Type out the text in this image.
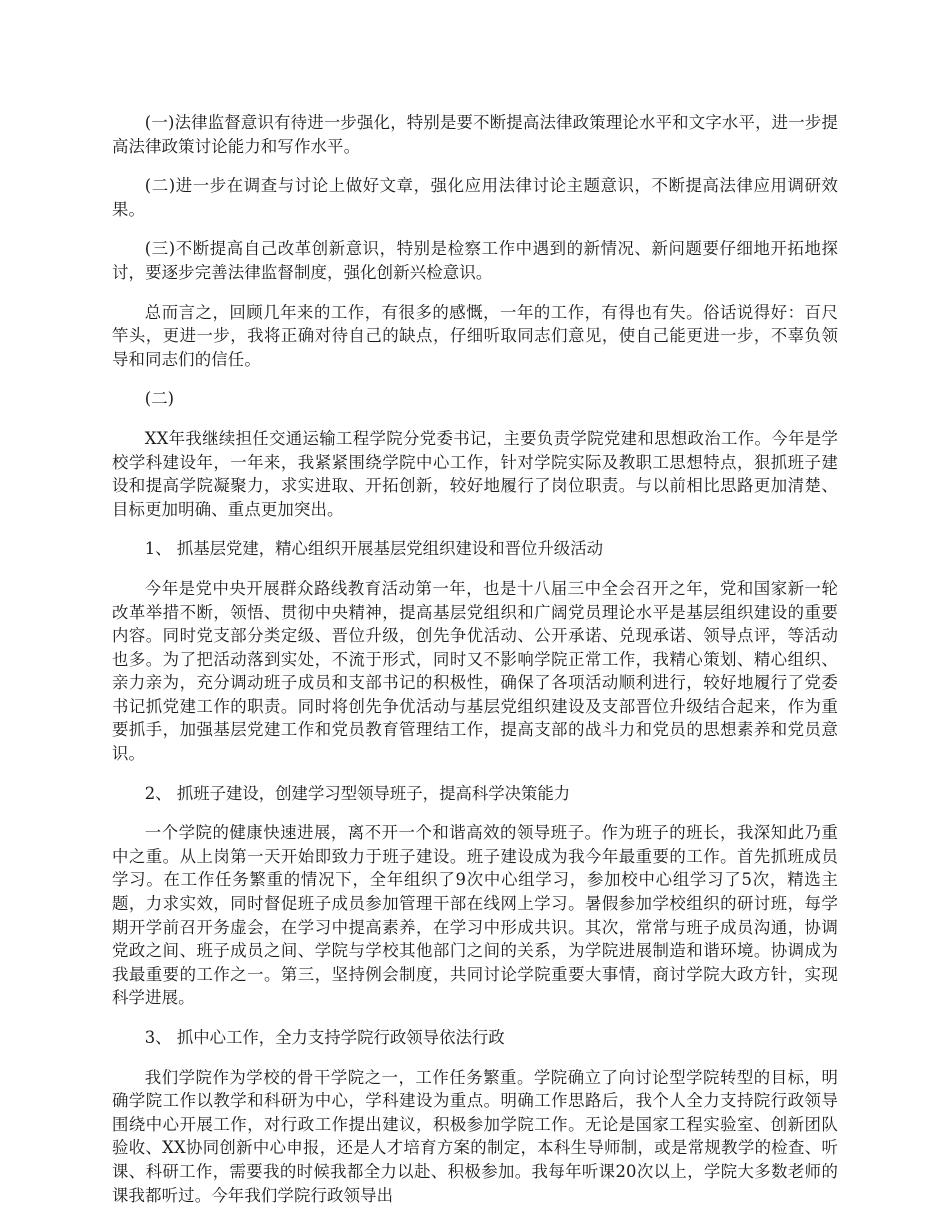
(一)法律监督意识有待进一步强化，特别是要不断提高法律政策理论水平和文字水平，进一步提高法律政策讨论能力和写作水平。

(二)进一步在调查与讨论上做好文章，强化应用法律讨论主题意识，不断提高法律应用调研效果。

(三)不断提高自己改革创新意识，特别是检察工作中遇到的新情况、新问题要仔细地开拓地探讨，要逐步完善法律监督制度，强化创新兴检意识。

总而言之，回顾几年来的工作，有很多的感慨，一年的工作，有得也有失。俗话说得好：百尺竿头，更进一步，我将正确对待自己的缺点，仔细听取同志们意见，使自己能更进一步，不辜负领导和同志们的信任。

(二)

XX年我继续担任交通运输工程学院分党委书记，主要负责学院党建和思想政治工作。今年是学校学科建设年，一年来，我紧紧围绕学院中心工作，针对学院实际及教职工思想特点，狠抓班子建设和提高学院凝聚力，求实进取、开拓创新，较好地履行了岗位职责。与以前相比思路更加清楚、目标更加明确、重点更加突出。

1、 抓基层党建，精心组织开展基层党组织建设和晋位升级活动

今年是党中央开展群众路线教育活动第一年，也是十八届三中全会召开之年，党和国家新一轮改革举措不断，领悟、贯彻中央精神，提高基层党组织和广阔党员理论水平是基层组织建设的重要内容。同时党支部分类定级、晋位升级，创先争优活动、公开承诺、兑现承诺、领导点评，等活动也多。为了把活动落到实处，不流于形式，同时又不影响学院正常工作，我精心策划、精心组织、亲力亲为，充分调动班子成员和支部书记的积极性，确保了各项活动顺利进行，较好地履行了党委书记抓党建工作的职责。同时将创先争优活动与基层党组织建设及支部晋位升级结合起来，作为重要抓手，加强基层党建工作和党员教育管理结工作，提高支部的战斗力和党员的思想素养和党员意识。

2、 抓班子建设，创建学习型领导班子，提高科学决策能力

一个学院的健康快速进展，离不开一个和谐高效的领导班子。作为班子的班长，我深知此乃重中之重。从上岗第一天开始即致力于班子建设。班子建设成为我今年最重要的工作。首先抓班成员学习。在工作任务繁重的情况下，全年组织了9次中心组学习，参加校中心组学习了5次，精选主题，力求实效，同时督促班子成员参加管理干部在线网上学习。暑假参加学校组织的研讨班，每学期开学前召开务虚会，在学习中提高素养，在学习中形成共识。其次，常常与班子成员沟通，协调党政之间、班子成员之间、学院与学校其他部门之间的关系，为学院进展制造和谐环境。协调成为我最重要的工作之一。第三，坚持例会制度，共同讨论学院重要大事情，商讨学院大政方针，实现科学进展。

3、 抓中心工作，全力支持学院行政领导依法行政

我们学院作为学校的骨干学院之一，工作任务繁重。学院确立了向讨论型学院转型的目标，明确学院工作以教学和科研为中心，学科建设为重点。明确工作思路后，我个人全力支持院行政领导围绕中心开展工作，对行政工作提出建议，积极参加学院工作。无论是国家工程实验室、创新团队验收、XX协同创新中心申报，还是人才培育方案的制定，本科生导师制，或是常规教学的检查、听课、科研工作，需要我的时候我都全力以赴、积极参加。我每年听课20次以上，学院大多数老师的课我都听过。今年我们学院行政领导出
